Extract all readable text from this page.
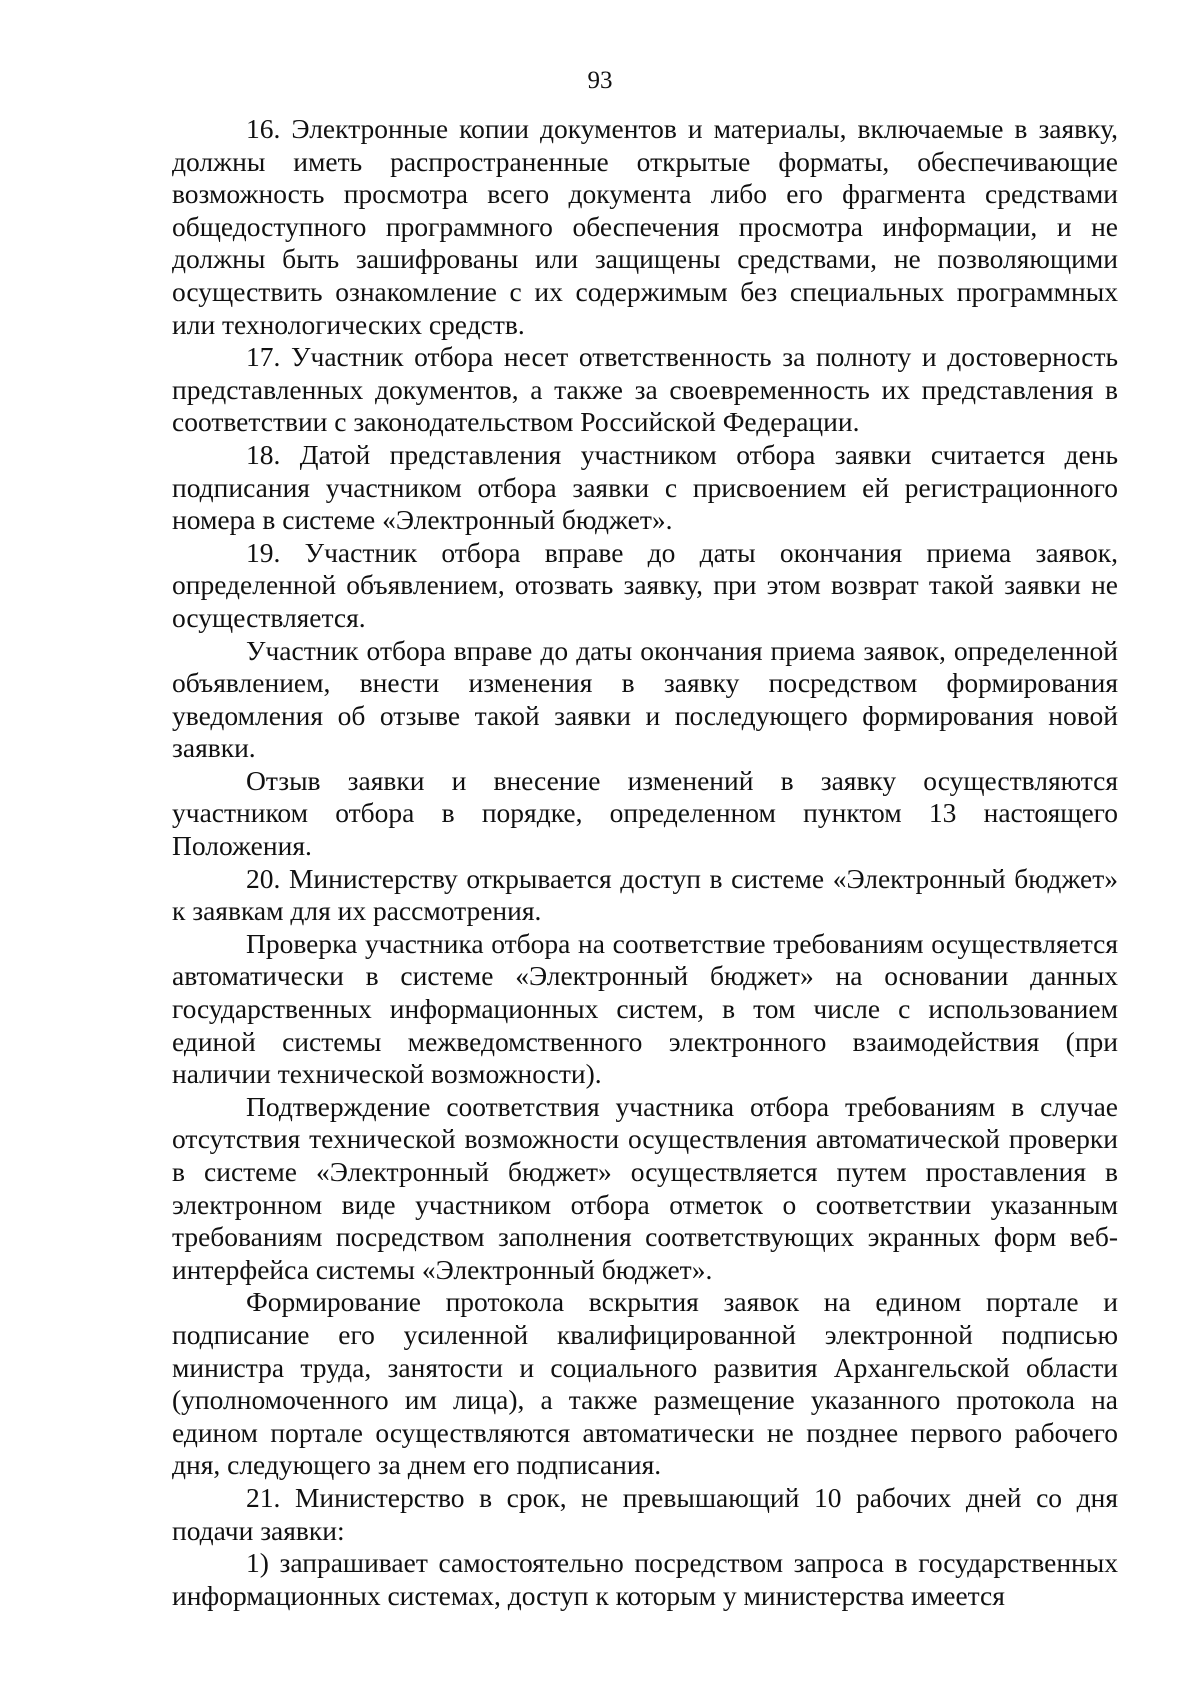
93

16. Электронные копии документов и материалы, включаемые в заявку, должны иметь распространенные открытые форматы, обеспечивающие возможность просмотра всего документа либо его фрагмента средствами общедоступного программного обеспечения просмотра информации, и не должны быть зашифрованы или защищены средствами, не позволяющими осуществить ознакомление с их содержимым без специальных программных или технологических средств.

17. Участник отбора несет ответственность за полноту и достоверность представленных документов, а также за своевременность их представления в соответствии с законодательством Российской Федерации.

18. Датой представления участником отбора заявки считается день подписания участником отбора заявки с присвоением ей регистрационного номера в системе «Электронный бюджет».

19. Участник отбора вправе до даты окончания приема заявок, определенной объявлением, отозвать заявку, при этом возврат такой заявки не осуществляется.

Участник отбора вправе до даты окончания приема заявок, определенной объявлением, внести изменения в заявку посредством формирования уведомления об отзыве такой заявки и последующего формирования новой заявки.

Отзыв заявки и внесение изменений в заявку осуществляются участником отбора в порядке, определенном пунктом 13 настоящего Положения.

20. Министерству открывается доступ в системе «Электронный бюджет» к заявкам для их рассмотрения.

Проверка участника отбора на соответствие требованиям осуществляется автоматически в системе «Электронный бюджет» на основании данных государственных информационных систем, в том числе с использованием единой системы межведомственного электронного взаимодействия (при наличии технической возможности).

Подтверждение соответствия участника отбора требованиям в случае отсутствия технической возможности осуществления автоматической проверки в системе «Электронный бюджет» осуществляется путем проставления в электронном виде участником отбора отметок о соответствии указанным требованиям посредством заполнения соответствующих экранных форм веб-интерфейса системы «Электронный бюджет».

Формирование протокола вскрытия заявок на едином портале и подписание его усиленной квалифицированной электронной подписью министра труда, занятости и социального развития Архангельской области (уполномоченного им лица), а также размещение указанного протокола на едином портале осуществляются автоматически не позднее первого рабочего дня, следующего за днем его подписания.

21. Министерство в срок, не превышающий 10 рабочих дней со дня подачи заявки:

1) запрашивает самостоятельно посредством запроса в государственных информационных системах, доступ к которым у министерства имеется
